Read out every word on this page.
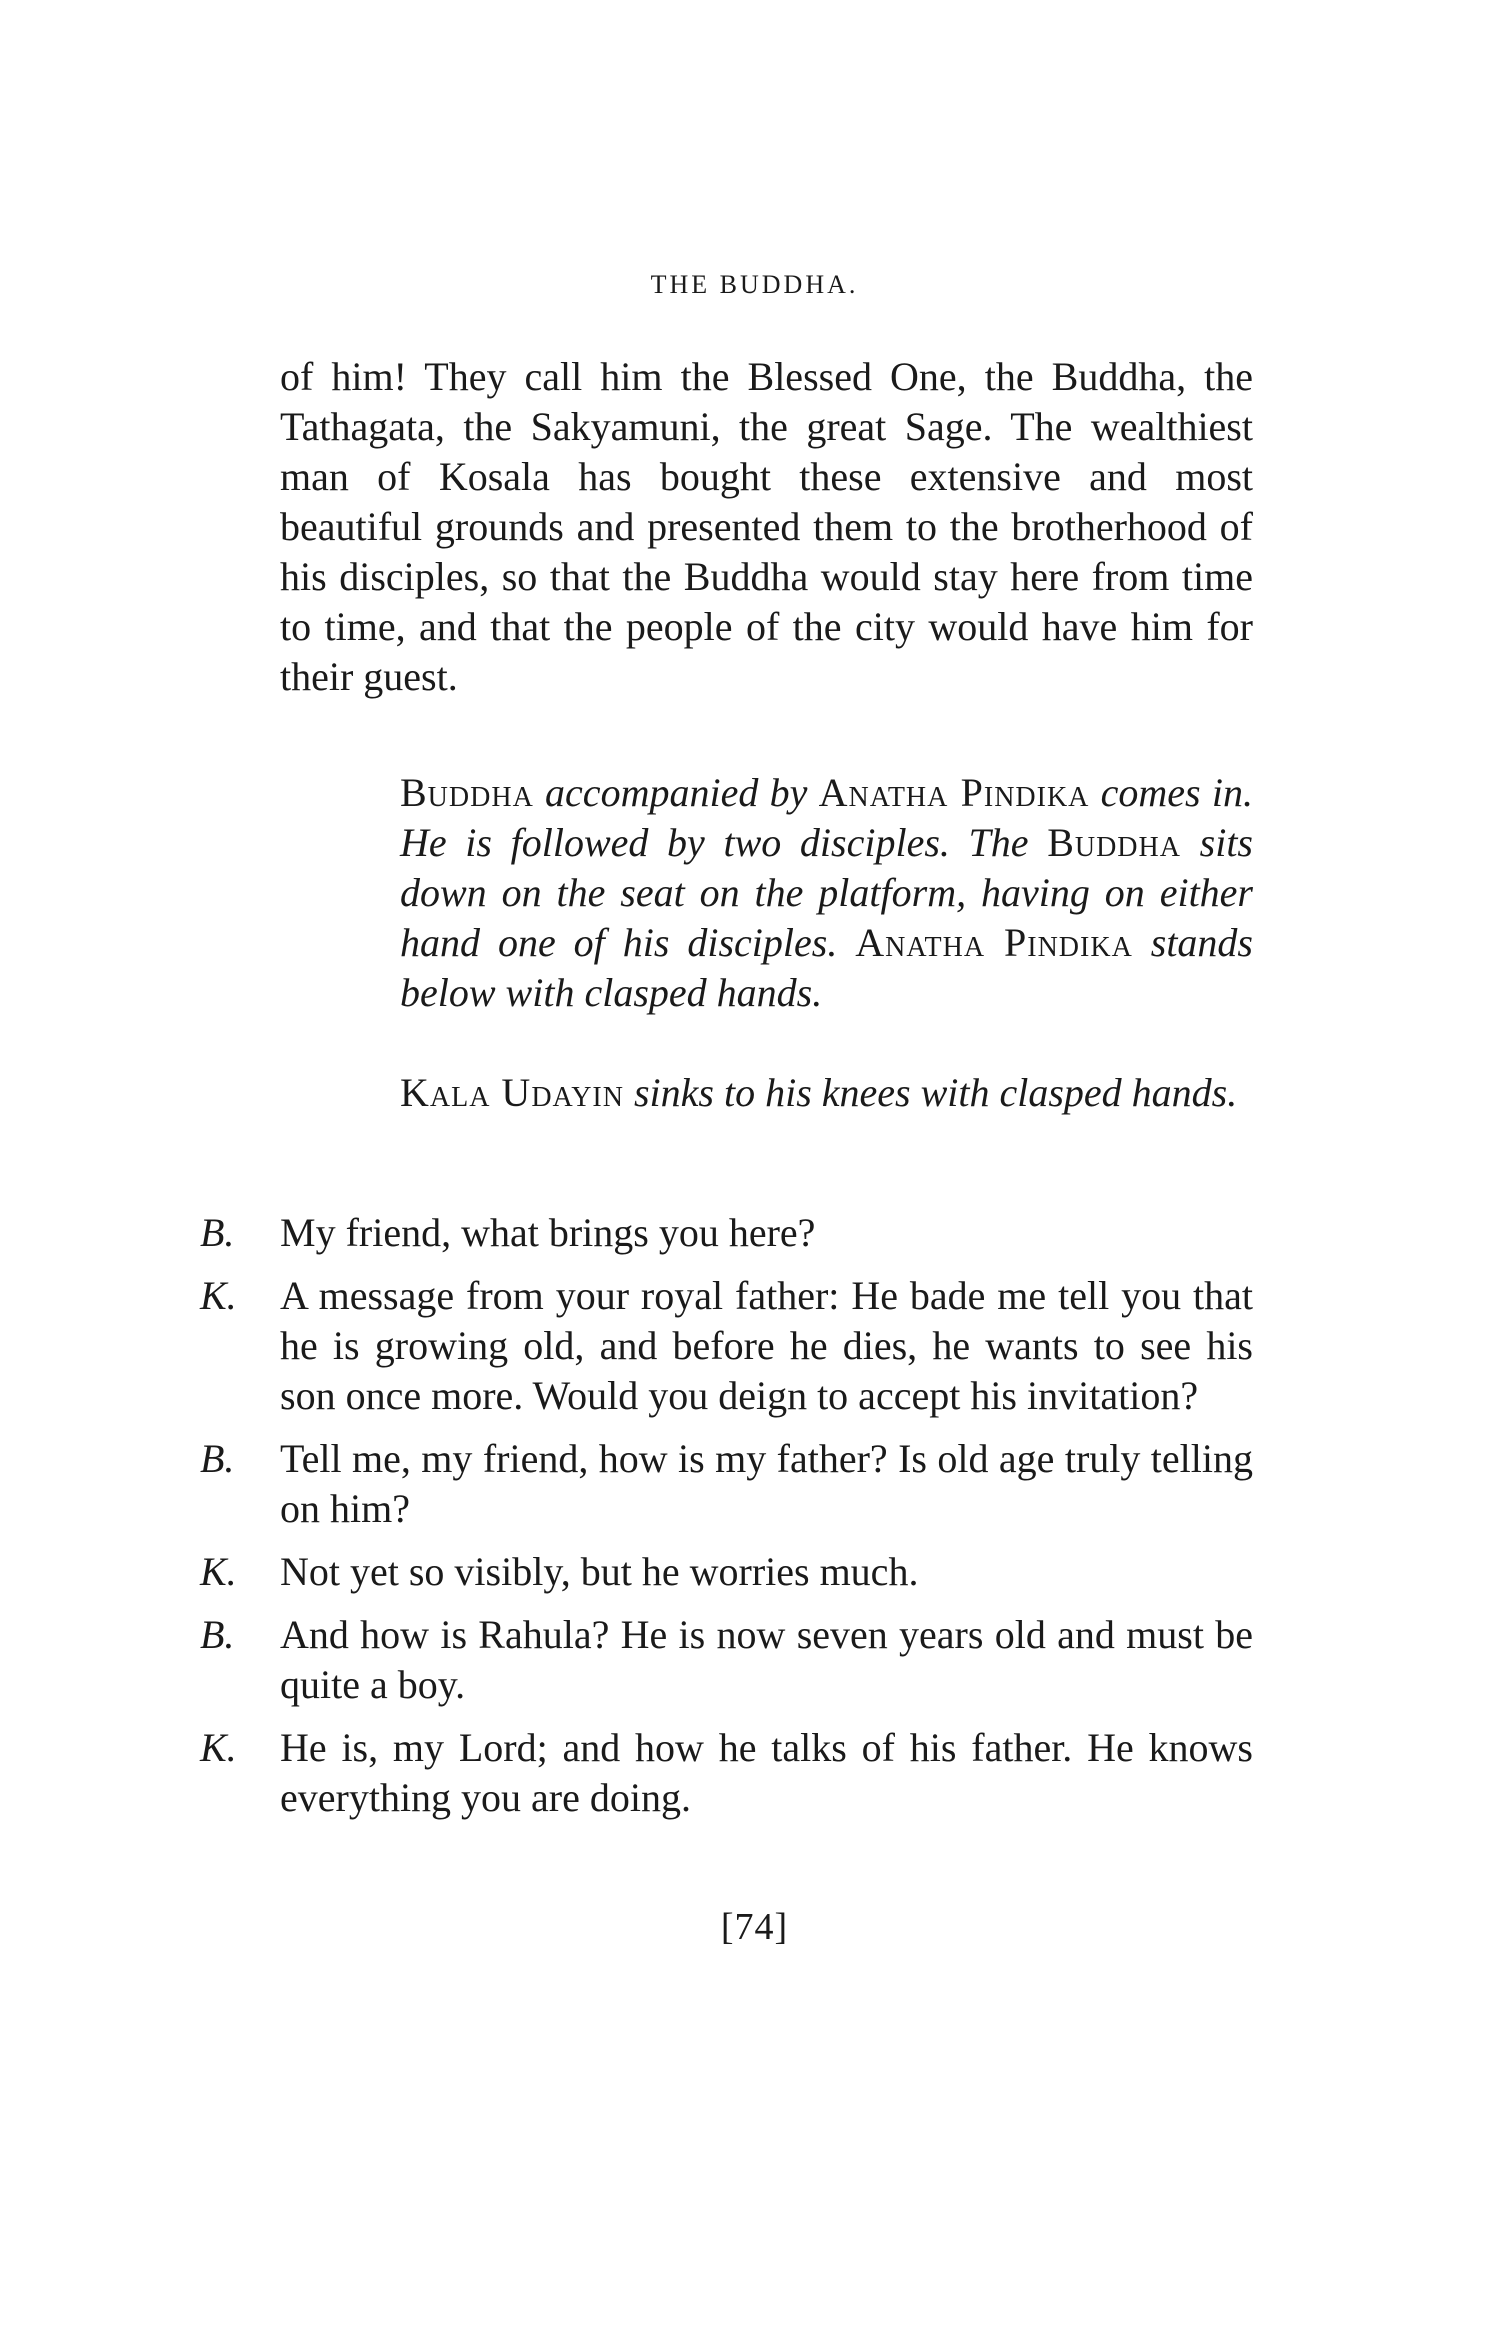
THE BUDDHA.
of him! They call him the Blessed One, the Buddha, the Tathagata, the Sakyamuni, the great Sage. The wealthiest man of Kosala has bought these extensive and most beautiful grounds and presented them to the brotherhood of his disciples, so that the Buddha would stay here from time to time, and that the people of the city would have him for their guest.
Buddha accompanied by Anatha Pindika comes in. He is followed by two disciples. The Buddha sits down on the seat on the platform, having on either hand one of his disciples. Anatha Pindika stands below with clasped hands.
Kala Udayin sinks to his knees with clasped hands.
B. My friend, what brings you here?
K. A message from your royal father: He bade me tell you that he is growing old, and before he dies, he wants to see his son once more. Would you deign to accept his invitation?
B. Tell me, my friend, how is my father? Is old age truly telling on him?
K. Not yet so visibly, but he worries much.
B. And how is Rahula? He is now seven years old and must be quite a boy.
K. He is, my Lord; and how he talks of his father. He knows everything you are doing.
[74]
